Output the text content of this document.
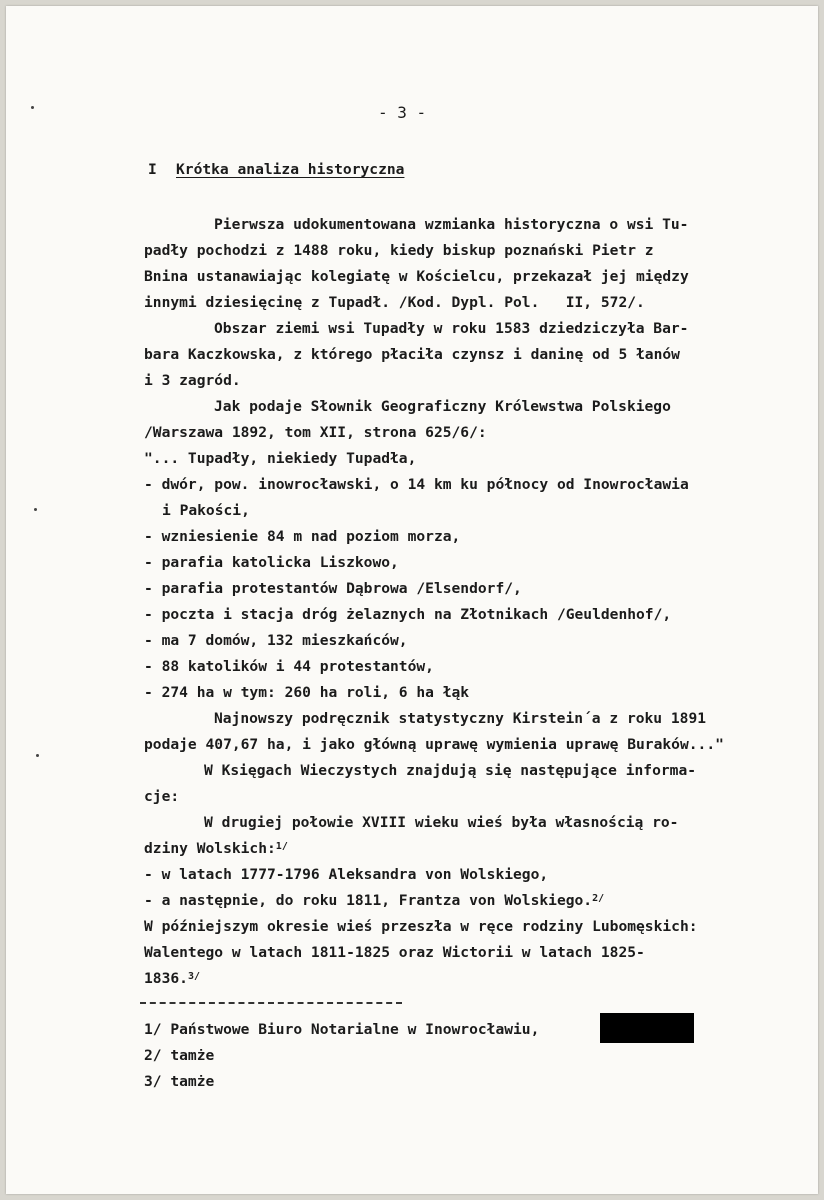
- 3 -
I Krótka analiza historyczna
Pierwsza udokumentowana wzmianka historyczna o wsi Tu-
padły pochodzi z 1488 roku, kiedy biskup poznański Pietr z
Bnina ustanawiając kolegiatę w Kościelcu, przekazał jej między
innymi dziesięcinę z Tupadł. /Kod. Dypl. Pol.   II, 572/.
Obszar ziemi wsi Tupadły w roku 1583 dziedziczyła Bar-
bara Kaczkowska, z którego płaciła czynsz i daninę od 5 łanów
i 3 zagród.
Jak podaje Słownik Geograficzny Królewstwa Polskiego
/Warszawa 1892, tom XII, strona 625/6/:
"... Tupadły, niekiedy Tupadła,
- dwór, pow. inowrocławski, o 14 km ku północy od Inowrocławia
i Pakości,
- wzniesienie 84 m nad poziom morza,
- parafia katolicka Liszkowo,
- parafia protestantów Dąbrowa /Elsendorf/,
- poczta i stacja dróg żelaznych na Złotnikach /Geuldenhof/,
- ma 7 domów, 132 mieszkańców,
- 88 katolików i 44 protestantów,
- 274 ha w tym: 260 ha roli, 6 ha łąk
Najnowszy podręcznik statystyczny Kirstein´a z roku 1891
podaje 407,67 ha, i jako główną uprawę wymienia uprawę Buraków..."
W Księgach Wieczystych znajdują się następujące informa-
cje:
W drugiej połowie XVIII wieku wieś była własnością ro-
dziny Wolskich:$^{1/}$
- w latach 1777-1796 Aleksandra von Wolskiego,
- a następnie, do roku 1811, Frantza von Wolskiego.$^{2/}$
W późniejszym okresie wieś przeszła w ręce rodziny Lubomęskich:
Walentego w latach 1811-1825 oraz Wictorii w latach 1825-
1836.$^{3/}$
1/ Państwowe Biuro Notarialne w Inowrocławiu,
2/ tamże
3/ tamże
